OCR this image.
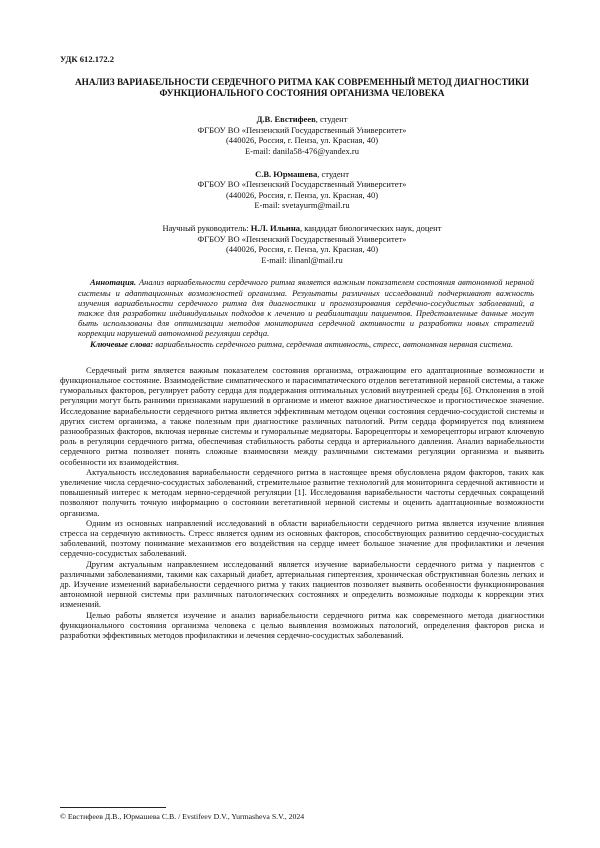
УДК 612.172.2
АНАЛИЗ ВАРИАБЕЛЬНОСТИ СЕРДЕЧНОГО РИТМА КАК СОВРЕМЕННЫЙ МЕТОД ДИАГНОСТИКИ ФУНКЦИОНАЛЬНОГО СОСТОЯНИЯ ОРГАНИЗМА ЧЕЛОВЕКА
Д.В. Евстифеев, студент
ФГБОУ ВО «Пензенский Государственный Университет»
(440026, Россия, г. Пенза, ул. Красная, 40)
E-mail: danila58-476@yandex.ru
С.В. Юрмашева, студент
ФГБОУ ВО «Пензенский Государственный Университет»
(440026, Россия, г. Пенза, ул. Красная, 40)
E-mail: svetayurm@mail.ru
Научный руководитель: Н.Л. Ильина, кандидат биологических наук, доцент
ФГБОУ ВО «Пензенский Государственный Университет»
(440026, Россия, г. Пенза, ул. Красная, 40)
E-mail: ilinanl@mail.ru

Аннотация. Анализ вариабельности сердечного ритма является важным показателем состояния автономной нервной системы и адаптационных возможностей организма. Результаты различных исследований подчеркивают важность изучения вариабельности сердечного ритма для диагностики и прогнозирования сердечно-сосудистых заболеваний, а также для разработки индивидуальных подходов к лечению и реабилитации пациентов. Представленные данные могут быть использованы для оптимизации методов мониторинга сердечной активности и разработки новых стратегий коррекции нарушений автономной регуляции сердца.

Ключевые слова: вариабельность сердечного ритма, сердечная активность, стресс, автономная нервная система.

Сердечный ритм является важным показателем состояния организма, отражающим его адаптационные возможности и функциональное состояние. Взаимодействие симпатического и парасимпатического отделов вегетативной нервной системы, а также гуморальных факторов, регулирует работу сердца для поддержания оптимальных условий внутренней среды [6]. Отклонения в этой регуляции могут быть ранними признаками нарушений в организме и имеют важное диагностическое и прогностическое значение. Исследование вариабельности сердечного ритма является эффективным методом оценки состояния сердечно-сосудистой системы и других систем организма, а также полезным при диагностике различных патологий. Ритм сердца формируется под влиянием разнообразных факторов, включая нервные системы и гуморальные медиаторы. Барорецепторы и хеморецепторы играют ключевую роль в регуляции сердечного ритма, обеспечивая стабильность работы сердца и артериального давления. Анализ вариабельности сердечного ритма позволяет понять сложные взаимосвязи между различными системами регуляции организма и выявить особенности их взаимодействия.

Актуальность исследования вариабельности сердечного ритма в настоящее время обусловлена рядом факторов, таких как увеличение числа сердечно-сосудистых заболеваний, стремительное развитие технологий для мониторинга сердечной активности и повышенный интерес к методам нервно-сердечной регуляции [1]. Исследования вариабельности частоты сердечных сокращений позволяют получить точную информацию о состоянии вегетативной нервной системы и оценить адаптационные возможности организма.

Одним из основных направлений исследований в области вариабельности сердечного ритма является изучение влияния стресса на сердечную активность. Стресс является одним из основных факторов, способствующих развитию сердечно-сосудистых заболеваний, поэтому понимание механизмов его воздействия на сердце имеет большое значение для профилактики и лечения сердечно-сосудистых заболеваний.

Другим актуальным направлением исследований является изучение вариабельности сердечного ритма у пациентов с различными заболеваниями, такими как сахарный диабет, артериальная гипертензия, хроническая обструктивная болезнь легких и др. Изучение изменений вариабельности сердечного ритма у таких пациентов позволяет выявить особенности функционирования автономной нервной системы при различных патологических состояниях и определить возможные подходы к коррекции этих изменений.

Целью работы является изучение и анализ вариабельности сердечного ритма как современного метода диагностики функционального состояния организма человека с целью выявления возможных патологий, определения факторов риска и разработки эффективных методов профилактики и лечения сердечно-сосудистых заболеваний.

© Евстифеев Д.В., Юрмашева С.В. / Evstifeev D.V., Yurmasheva S.V., 2024
